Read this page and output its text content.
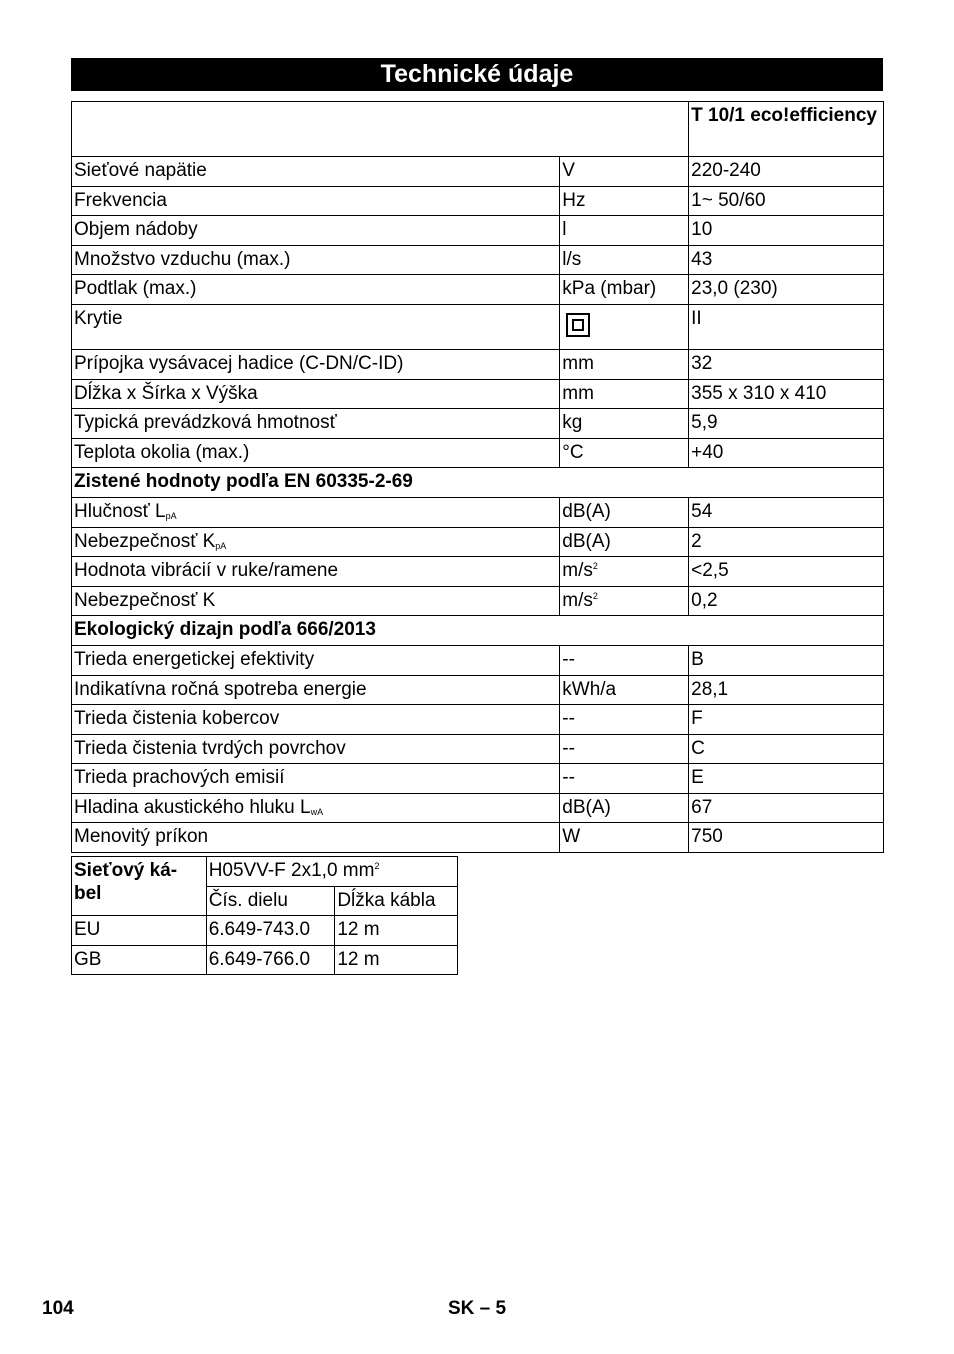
Technické údaje
		T 10/1 eco!efficiency
Sieťové napätie	V	220-240
Frekvencia	Hz	1~ 50/60
Objem nádoby	l	10
Množstvo vzduchu (max.)	l/s	43
Podtlak (max.)	kPa (mbar)	23,0 (230)
Krytie		II
Prípojka vysávacej hadice (C-DN/C-ID)	mm	32
Dĺžka x Šírka x Výška	mm	355 x 310 x 410
Typická prevádzková hmotnosť	kg	5,9
Teplota okolia (max.)	°C	+40
Zistené hodnoty podľa EN 60335-2-69		
Hlučnosť $L_{pA}$	dB(A)	54
Nebezpečnosť $K_{pA}$	dB(A)	2
Hodnota vibrácií v ruke/ramene	$m/s^2$	<2,5
Nebezpečnosť K	$m/s^2$	0,2
Ekologický dizajn podľa 666/2013		
Trieda energetickej efektivity	--	B
Indikatívna ročná spotreba energie	kWh/a	28,1
Trieda čistenia kobercov	--	F
Trieda čistenia tvrdých povrchov	--	C
Trieda prachových emisií	--	E
Hladina akustického hluku $L_{wA}$	dB(A)	67
Menovitý príkon	W	750
Sieťový ká-
bel	H05VV-F 2x1,0 $mm^2$
	Čís. dielu	Dĺžka kábla
EU	6.649-743.0	12 m
GB	6.649-766.0	12 m
104	SK – 5
